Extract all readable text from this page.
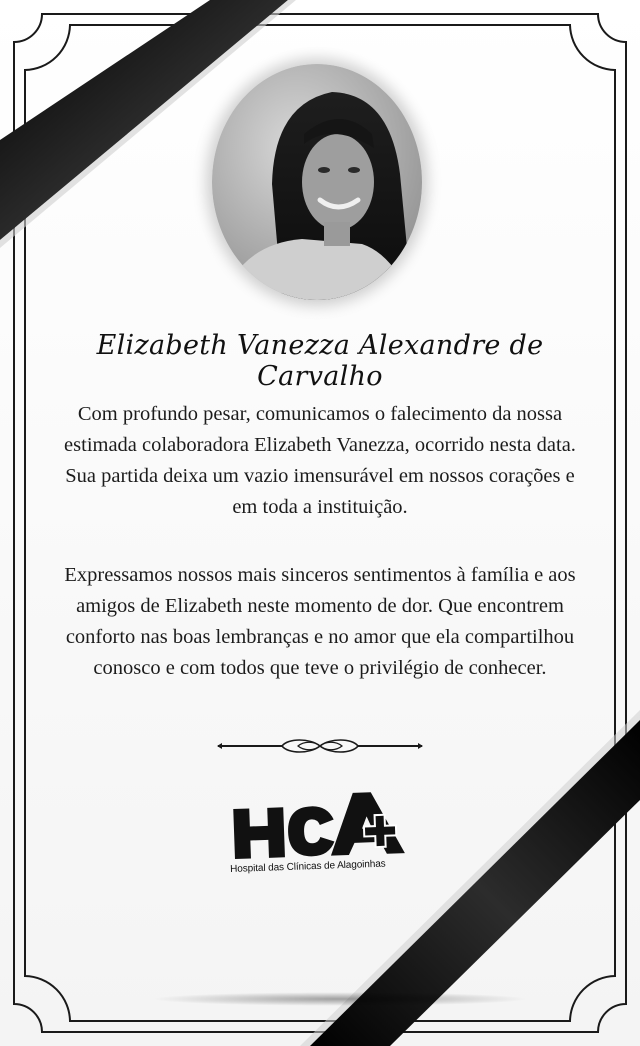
Elizabeth Vanezza Alexandre de Carvalho
Com profundo pesar, comunicamos o falecimento da nossa estimada colaboradora Elizabeth Vanezza, ocorrido nesta data. Sua partida deixa um vazio imensurável em nossos corações e em toda a instituição.
Expressamos nossos mais sinceros sentimentos à família e aos amigos de Elizabeth neste momento de dor. Que encontrem conforto nas boas lembranças e no amor que ela compartilhou conosco e com todos que teve o privilégio de conhecer.
Hospital das Clínicas de Alagoinhas
